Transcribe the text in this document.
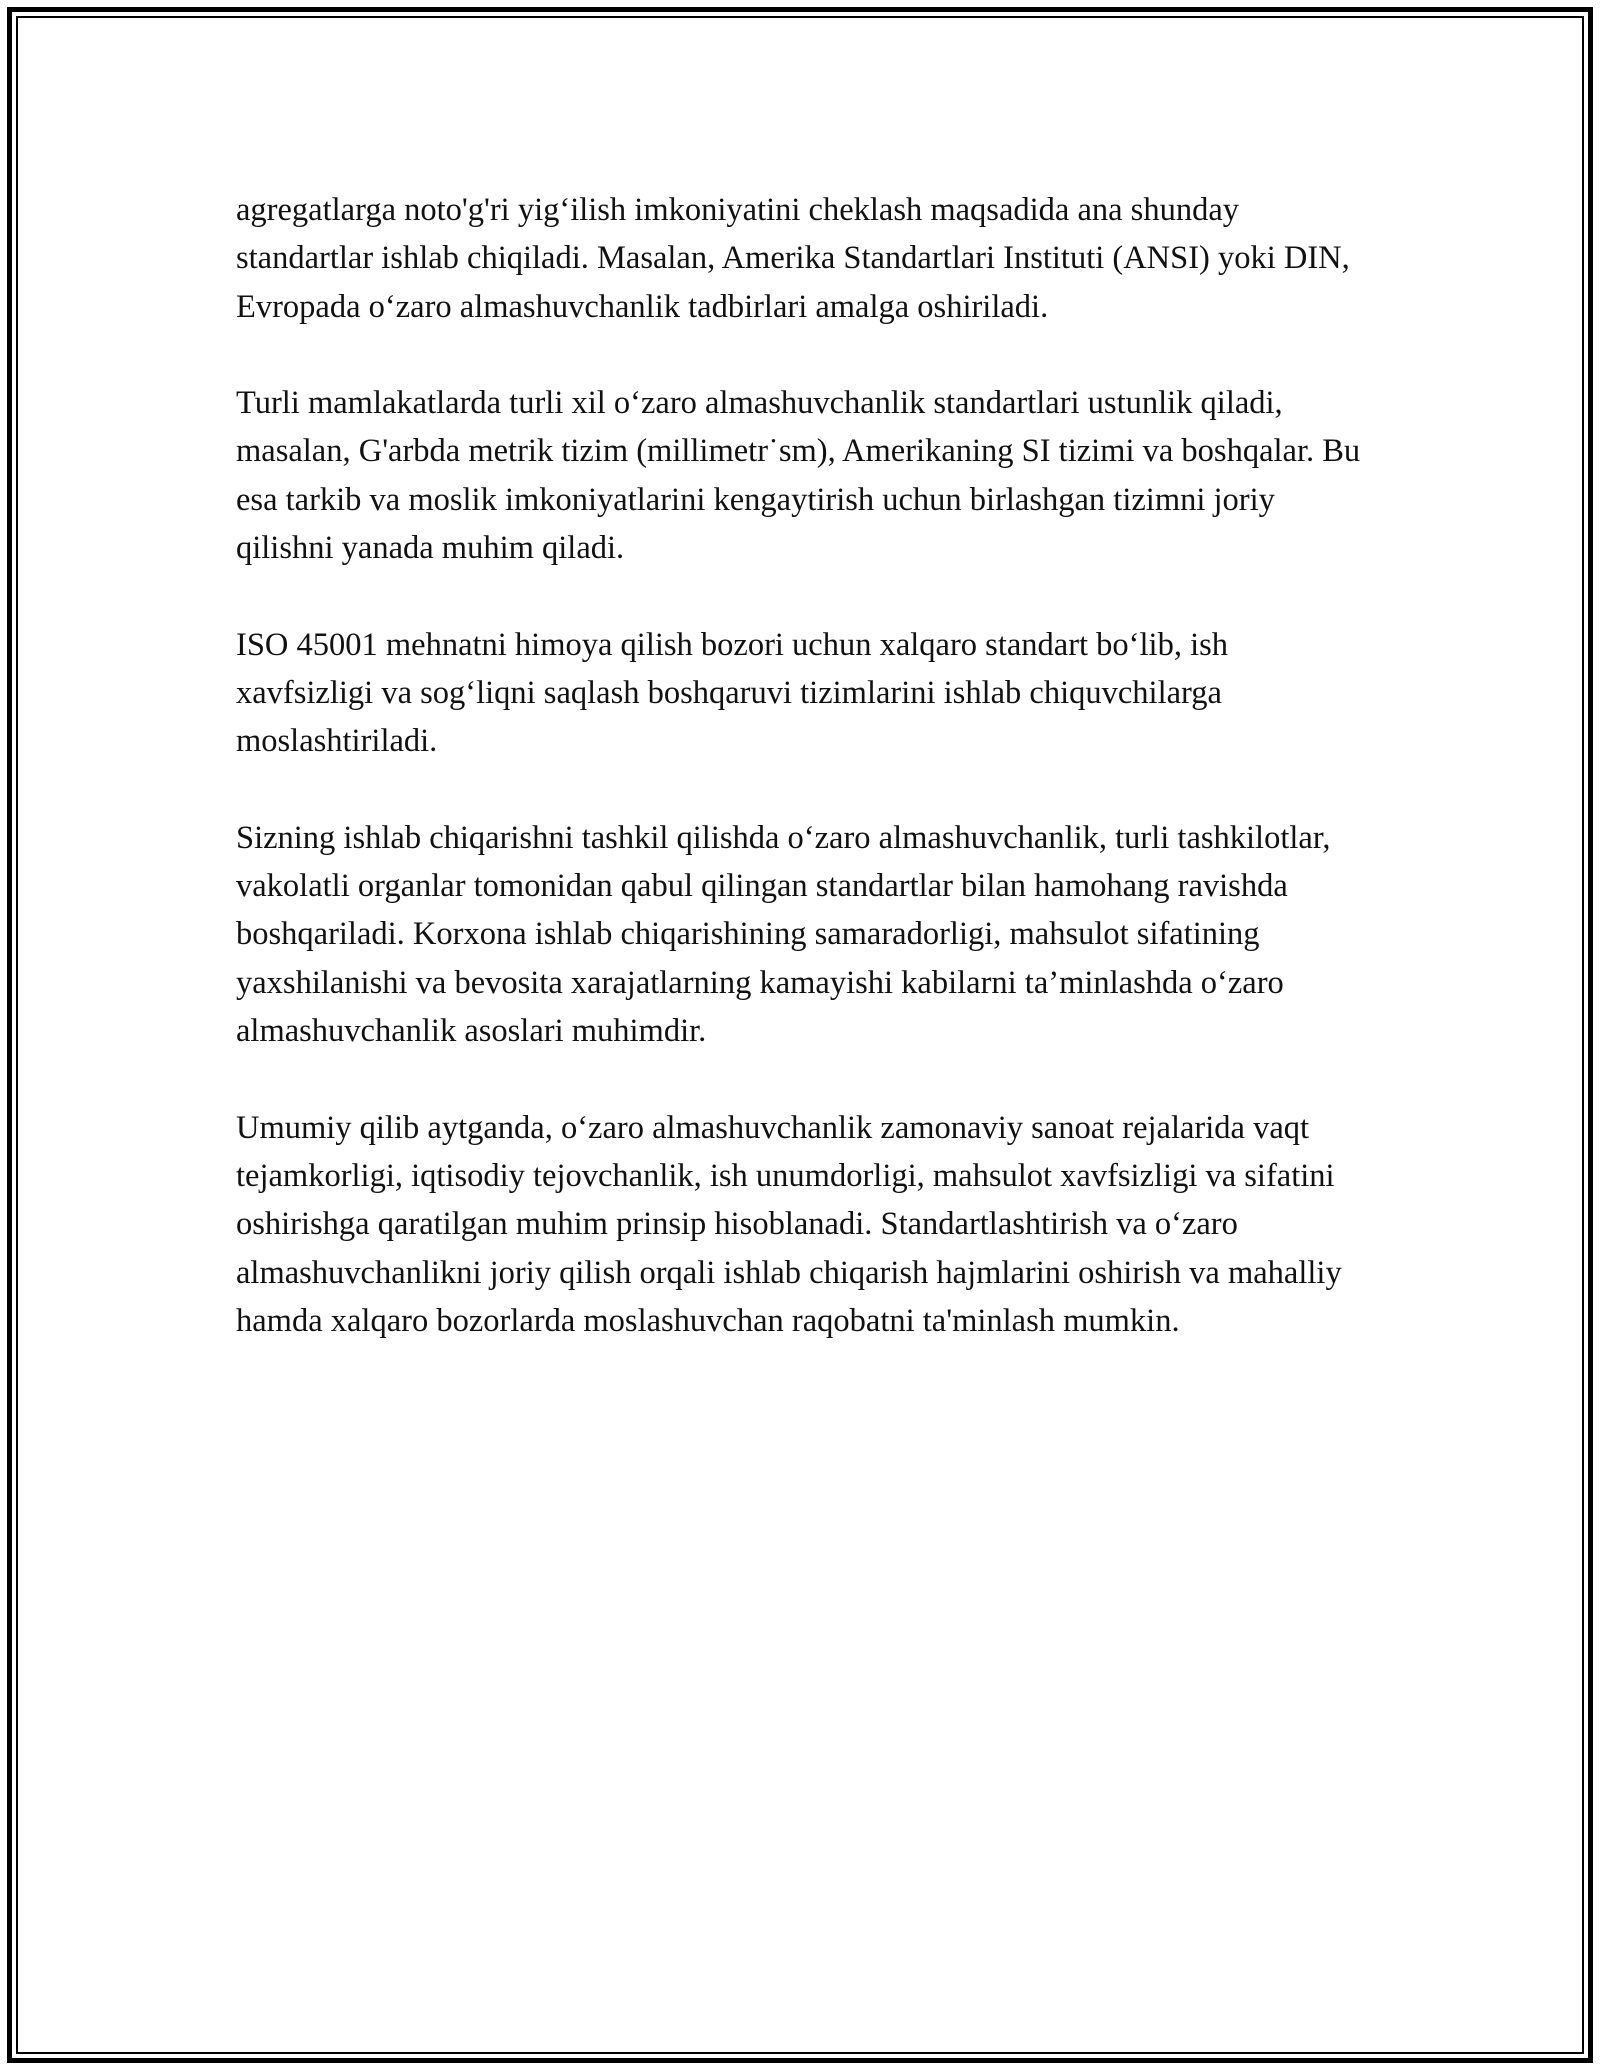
agregatlarga noto'g'ri yig‘ilish imkoniyatini cheklash maqsadida ana shunday standartlar ishlab chiqiladi. Masalan, Amerika Standartlari Instituti (ANSI) yoki DIN, Evropada o‘zaro almashuvchanlik tadbirlari amalga oshiriladi.

Turli mamlakatlarda turli xil o‘zaro almashuvchanlik standartlari ustunlik qiladi, masalan, G'arbda metrik tizim (millimetr˙sm), Amerikaning SI tizimi va boshqalar. Bu esa tarkib va moslik imkoniyatlarini kengaytirish uchun birlashgan tizimni joriy qilishni yanada muhim qiladi.

ISO 45001 mehnatni himoya qilish bozori uchun xalqaro standart bo‘lib, ish xavfsizligi va sog‘liqni saqlash boshqaruvi tizimlarini ishlab chiquvchilarga moslashtiriladi.

Sizning ishlab chiqarishni tashkil qilishda o‘zaro almashuvchanlik, turli tashkilotlar, vakolatli organlar tomonidan qabul qilingan standartlar bilan hamohang ravishda boshqariladi. Korxona ishlab chiqarishining samaradorligi, mahsulot sifatining yaxshilanishi va bevosita xarajatlarning kamayishi kabilarni ta’minlashda o‘zaro almashuvchanlik asoslari muhimdir.

Umumiy qilib aytganda, o‘zaro almashuvchanlik zamonaviy sanoat rejalarida vaqt tejamkorligi, iqtisodiy tejovchanlik, ish unumdorligi, mahsulot xavfsizligi va sifatini oshirishga qaratilgan muhim prinsip hisoblanadi. Standartlashtirish va o‘zaro almashuvchanlikni joriy qilish orqali ishlab chiqarish hajmlarini oshirish va mahalliy hamda xalqaro bozorlarda moslashuvchan raqobatni ta'minlash mumkin.
